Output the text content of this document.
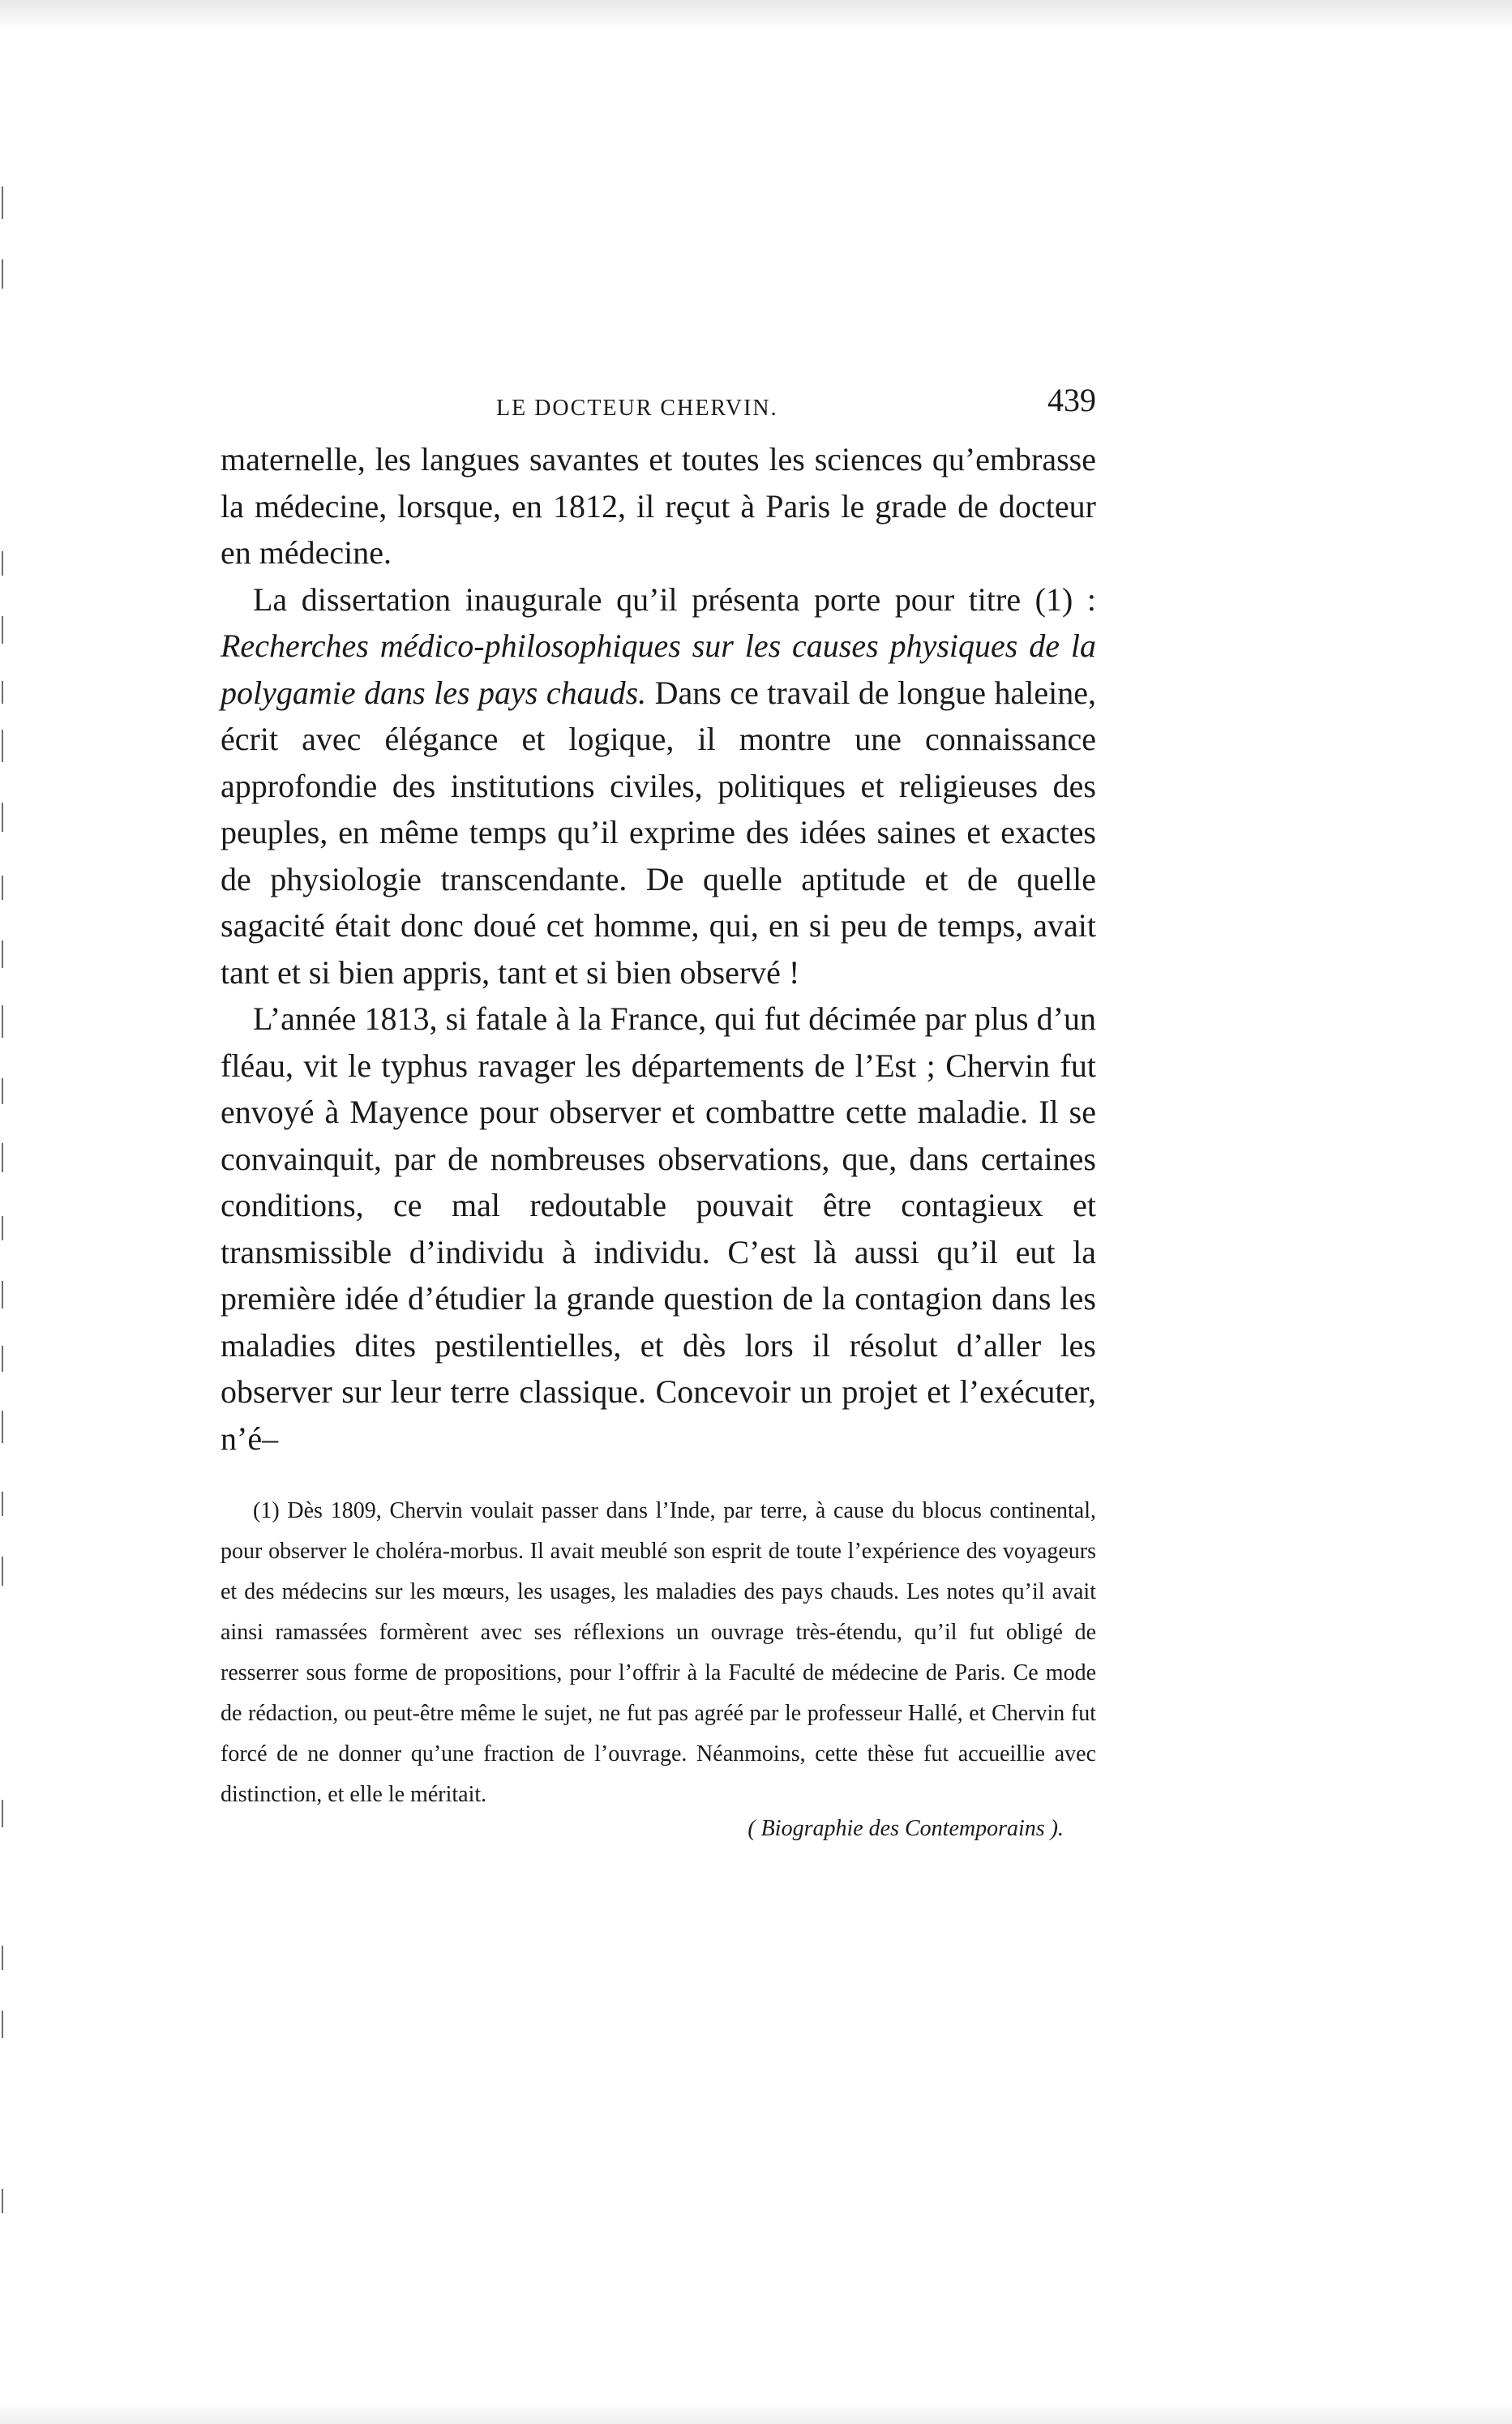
LE DOCTEUR CHERVIN.	439

maternelle, les langues savantes et toutes les sciences qu’embrasse la médecine, lorsque, en 1812, il reçut à Paris le grade de docteur en médecine.

La dissertation inaugurale qu’il présenta porte pour titre (1) : Recherches médico-philosophiques sur les causes physiques de la polygamie dans les pays chauds. Dans ce travail de longue haleine, écrit avec élégance et logique, il montre une connaissance approfondie des institutions civiles, politiques et religieuses des peuples, en même temps qu’il exprime des idées saines et exactes de physiologie transcendante. De quelle aptitude et de quelle sagacité était donc doué cet homme, qui, en si peu de temps, avait tant et si bien appris, tant et si bien observé !

L’année 1813, si fatale à la France, qui fut décimée par plus d’un fléau, vit le typhus ravager les départements de l’Est ; Chervin fut envoyé à Mayence pour observer et combattre cette maladie. Il se convainquit, par de nombreuses observations, que, dans certaines conditions, ce mal redoutable pouvait être contagieux et transmissible d’individu à individu. C’est là aussi qu’il eut la première idée d’étudier la grande question de la contagion dans les maladies dites pestilentielles, et dès lors il résolut d’aller les observer sur leur terre classique. Concevoir un projet et l’exécuter, n’é–

(1) Dès 1809, Chervin voulait passer dans l’Inde, par terre, à cause du blocus continental, pour observer le choléra-morbus. Il avait meublé son esprit de toute l’expérience des voyageurs et des médecins sur les mœurs, les usages, les maladies des pays chauds. Les notes qu’il avait ainsi ramassées formèrent avec ses réflexions un ouvrage très-étendu, qu’il fut obligé de resserrer sous forme de propositions, pour l’offrir à la Faculté de médecine de Paris. Ce mode de rédaction, ou peut-être même le sujet, ne fut pas agréé par le professeur Hallé, et Chervin fut forcé de ne donner qu’une fraction de l’ouvrage. Néanmoins, cette thèse fut accueillie avec distinction, et elle le méritait.

( Biographie des Contemporains ).
